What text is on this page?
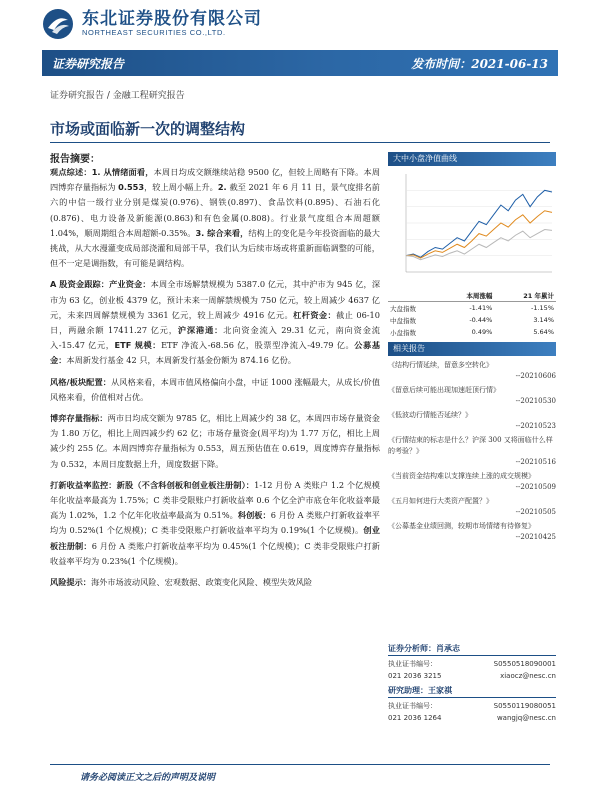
东北证券股份有限公司
NORTHEAST SECURITIES CO.,LTD.
证券研究报告	发布时间：2021-06-13
证券研究报告 / 金融工程研究报告
市场或面临新一次的调整结构
报告摘要：

观点综述：1. 从情绪面看，本周日均成交额继续站稳 9500 亿，但较上周略有下降。本周四博弈存量指标为 0.553，较上周小幅上升。2. 截至 2021 年 6 月 11 日，景气度排名前六的中信一级行业分别是煤炭(0.976)、钢铁(0.897)、食品饮料(0.895)、石油石化(0.876)、电力设备及新能源(0.863)和有色金属(0.808)。行业景气度组合本周超额 1.04%，顺周期组合本周超额-0.35%。3. 综合来看，结构上的变化是今年投资面临的最大挑战，从大水漫灌变成局部浇灌和局部干旱，我们认为后续市场或将重新面临调整的可能，但不一定是调指数，有可能是调结构。

A 股资金跟踪：产业资金：本周全市场解禁规模为 5387.0 亿元，其中沪市为 945 亿，深市为 63 亿，创业板 4379 亿，预计未来一周解禁规模为 750 亿元，较上周减少 4637 亿元，未来四周解禁规模为 3361 亿元，较上周减少 4916 亿元。杠杆资金：截止 06-10 日，两融余额 17411.27 亿元，沪深港通：北向资金流入 29.31 亿元，南向资金流入-15.47 亿元，ETF 规模：ETF 净流入-68.56 亿，股票型净流入-49.79 亿。公募基金：本周新发行基金 42 只，本周新发行基金份额为 874.16 亿份。

风格/板块配置：从风格来看，本周市值风格偏向小盘，中证 1000 涨幅最大，从成长/价值风格来看，价值相对占优。

博弈存量指标：两市日均成交额为 9785 亿，相比上周减少约 38 亿，本周四市场存量资金为 1.80 万亿，相比上周四减少约 62 亿；市场存量资金(周平均)为 1.77 万亿，相比上周减少约 255 亿。本周四博弈存量指标为 0.553，周五预估值在 0.619，周度博弈存量指标为 0.532，本周日度数据上升，周度数据下降。

打新收益率监控：新股（不含科创板和创业板注册制）：1-12 月份 A 类账户 1.2 个亿规模年化收益率最高为 1.75%；C 类非受限账户打新收益率 0.6 个亿全沪市底仓年化收益率最高为 1.02%，1.2 个亿年化收益率最高为 0.51%。科创板：6 月份 A 类账户打新收益率平均为 0.52%(1 个亿规模)；C 类非受限账户打新收益率平均为 0.19%(1 个亿规模)。创业板注册制：6 月份 A 类账户打新收益率平均为 0.45%(1 个亿规模)；C 类非受限账户打新收益率平均为 0.23%(1 个亿规模)。

风险提示：海外市场波动风险、宏观数据、政策变化风险、模型失效风险

大中小盘净值曲线
	本周涨幅	21 年累计
大盘指数	-1.41%	-1.15%
中盘指数	-0.44%	3.14%
小盘指数	0.49%	5.64%
相关报告
《结构行情延续，留意多空转化》
--20210606
《留意后续可能出现加速赶顶行情》
--20210530
《低波动行情能否延续？》
--20210523
《行情结束的标志是什么？沪深 300 又将面临什么样的考验？》
--20210516
《当前资金结构难以支撑连续上涨的成交规模》
--20210509
《五月如何进行大类资产配置？》
--20210505
《公募基金业绩回测，较期市场情绪有待修复》
--20210425
证券分析师：肖承志
执业证书编号：	S0550518090001
021 2036 3215	xiaocz@nesc.cn
研究助理：王家祺
执业证书编号：	S0550119080051
021 2036 1264	wangjq@nesc.cn
请务必阅读正文之后的声明及说明
